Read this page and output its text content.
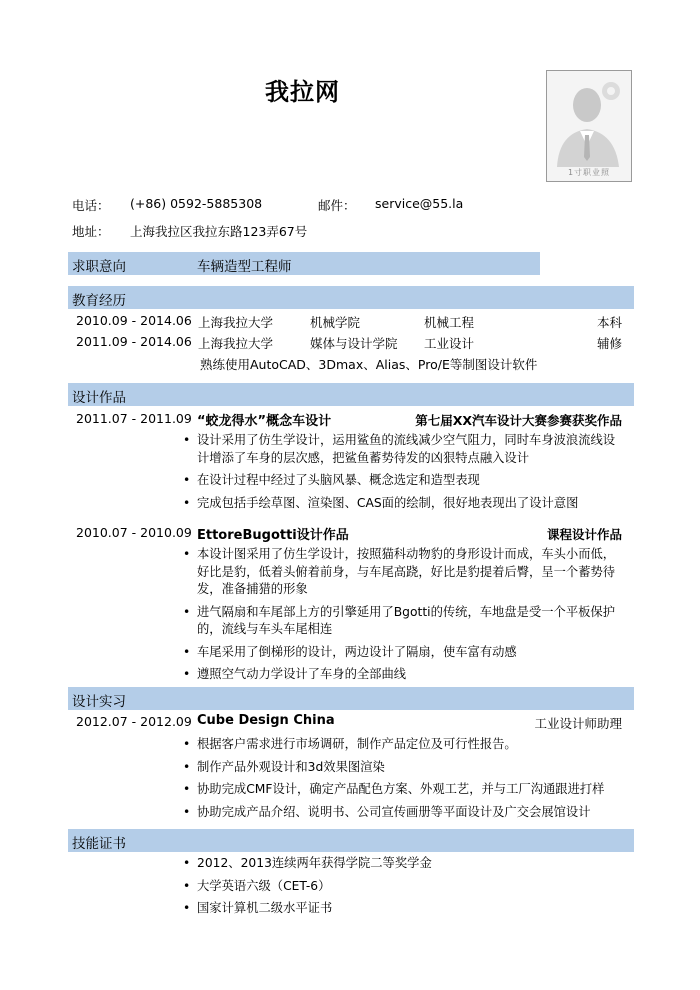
我拉网
1寸职业照
电话： (+86) 0592-5885308	邮件： service@55.la
地址： 上海我拉区我拉东路123弄67号
求职意向	车辆造型工程师
教育经历
2010.09 - 2014.06 上海我拉大学	机械学院	机械工程	本科
2011.09 - 2014.06 上海我拉大学	媒体与设计学院 工业设计	辅修
熟练使用AutoCAD、3Dmax、Alias、Pro/E等制图设计软件
设计作品
2011.07 - 2011.09 “蛟龙得水”概念车设计	第七届XX汽车设计大赛参赛获奖作品
• 设计采用了仿生学设计，运用鲨鱼的流线减少空气阻力，同时车身波浪流线设计增添了车身的层次感，把鲨鱼蓄势待发的凶狠特点融入设计
• 在设计过程中经过了头脑风暴、概念选定和造型表现
• 完成包括手绘草图、渲染图、CAS面的绘制，很好地表现出了设计意图
2010.07 - 2010.09 EttoreBugotti设计作品	课程设计作品
• 本设计图采用了仿生学设计，按照猫科动物豹的身形设计而成，车头小而低，好比是豹，低着头俯着前身，与车尾高跷，好比是豹提着后臀，呈一个蓄势待发，准备捕猎的形象
• 进气隔扇和车尾部上方的引擎延用了Bgotti的传统，车地盘是受一个平板保护的，流线与车头车尾相连
• 车尾采用了倒梯形的设计，两边设计了隔扇，使车富有动感
• 遵照空气动力学设计了车身的全部曲线
设计实习
2012.07 - 2012.09 Cube Design China	工业设计师助理
• 根据客户需求进行市场调研，制作产品定位及可行性报告。
• 制作产品外观设计和3d效果图渲染
• 协助完成CMF设计，确定产品配色方案、外观工艺，并与工厂沟通跟进打样
• 协助完成产品介绍、说明书、公司宣传画册等平面设计及广交会展馆设计
技能证书
• 2012、2013连续两年获得学院二等奖学金
• 大学英语六级（CET-6）
• 国家计算机二级水平证书
